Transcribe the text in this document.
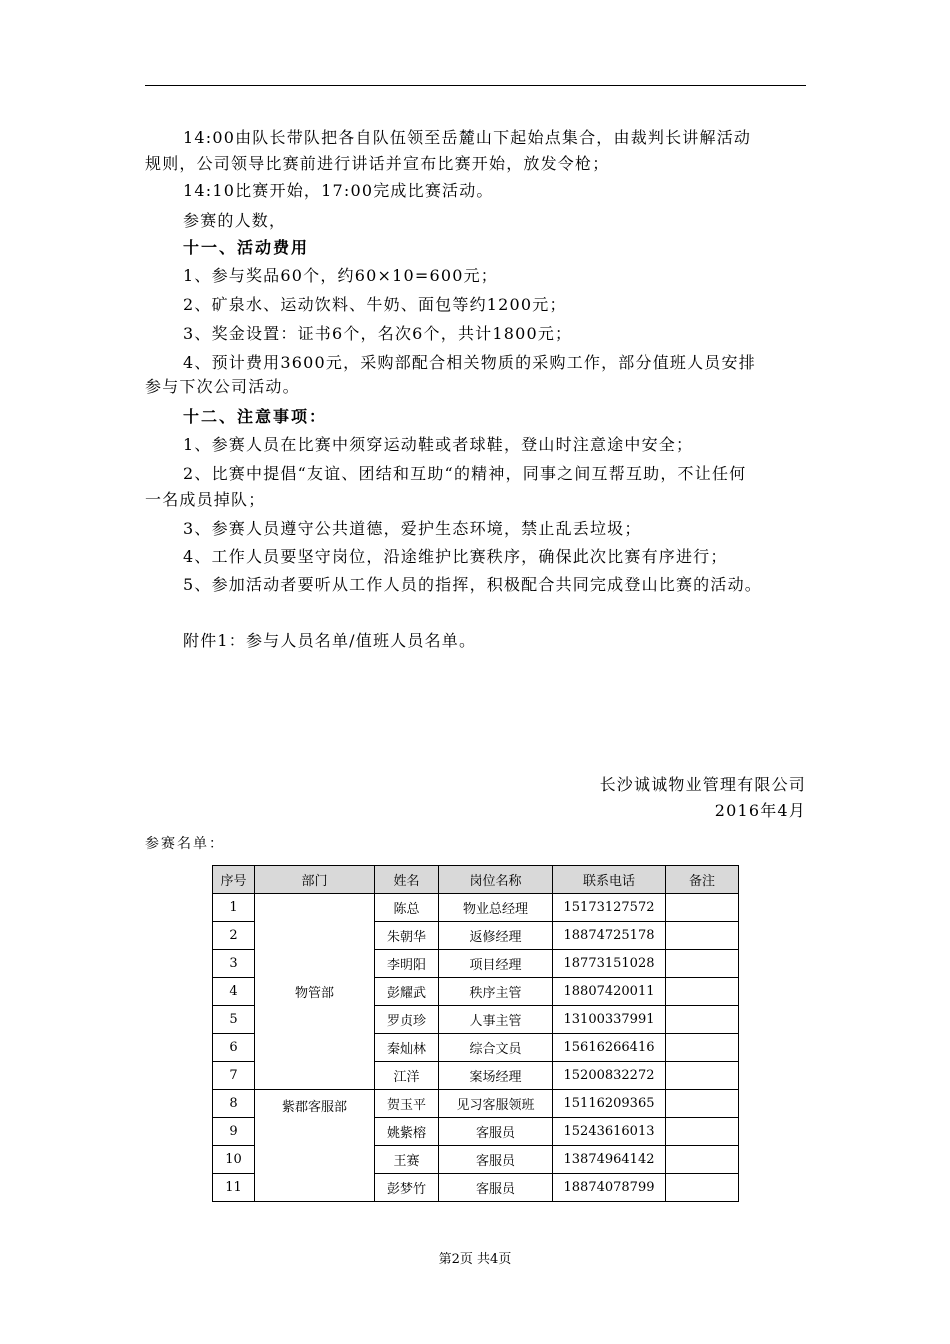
14:00由队长带队把各自队伍领至岳麓山下起始点集合，由裁判长讲解活动
规则，公司领导比赛前进行讲话并宣布比赛开始，放发令枪；
14:10比赛开始，17:00完成比赛活动。
参赛的人数，
十一、活动费用
1、参与奖品60个，约60×10=600元；
2、矿泉水、运动饮料、牛奶、面包等约1200元；
3、奖金设置：证书6个，名次6个，共计1800元；
4、预计费用3600元，采购部配合相关物质的采购工作，部分值班人员安排
参与下次公司活动。
十二、注意事项：
1、参赛人员在比赛中须穿运动鞋或者球鞋，登山时注意途中安全；
2、比赛中提倡“友谊、团结和互助“的精神，同事之间互帮互助，不让任何
一名成员掉队；
3、参赛人员遵守公共道德，爱护生态环境，禁止乱丢垃圾；
4、工作人员要坚守岗位，沿途维护比赛秩序，确保此次比赛有序进行；
5、参加活动者要听从工作人员的指挥，积极配合共同完成登山比赛的活动。
附件1：参与人员名单/值班人员名单。
长沙诚诚物业管理有限公司
2016年4月
参赛名单：
序号	部门	姓名	岗位名称	联系电话	备注
1	物管部	陈总	物业总经理	15173127572	
2		朱朝华	返修经理	18874725178	
3		李明阳	项目经理	18773151028	
4		彭耀武	秩序主管	18807420011	
5		罗贞珍	人事主管	13100337991	
6		秦灿林	综合文员	15616266416	
7		江洋	案场经理	15200832272	
8	紫郡客服部	贺玉平	见习客服领班	15116209365	
9		姚紫榕	客服员	15243616013	
10		王赛	客服员	13874964142	
11		彭梦竹	客服员	18874078799	
第2页 共4页
